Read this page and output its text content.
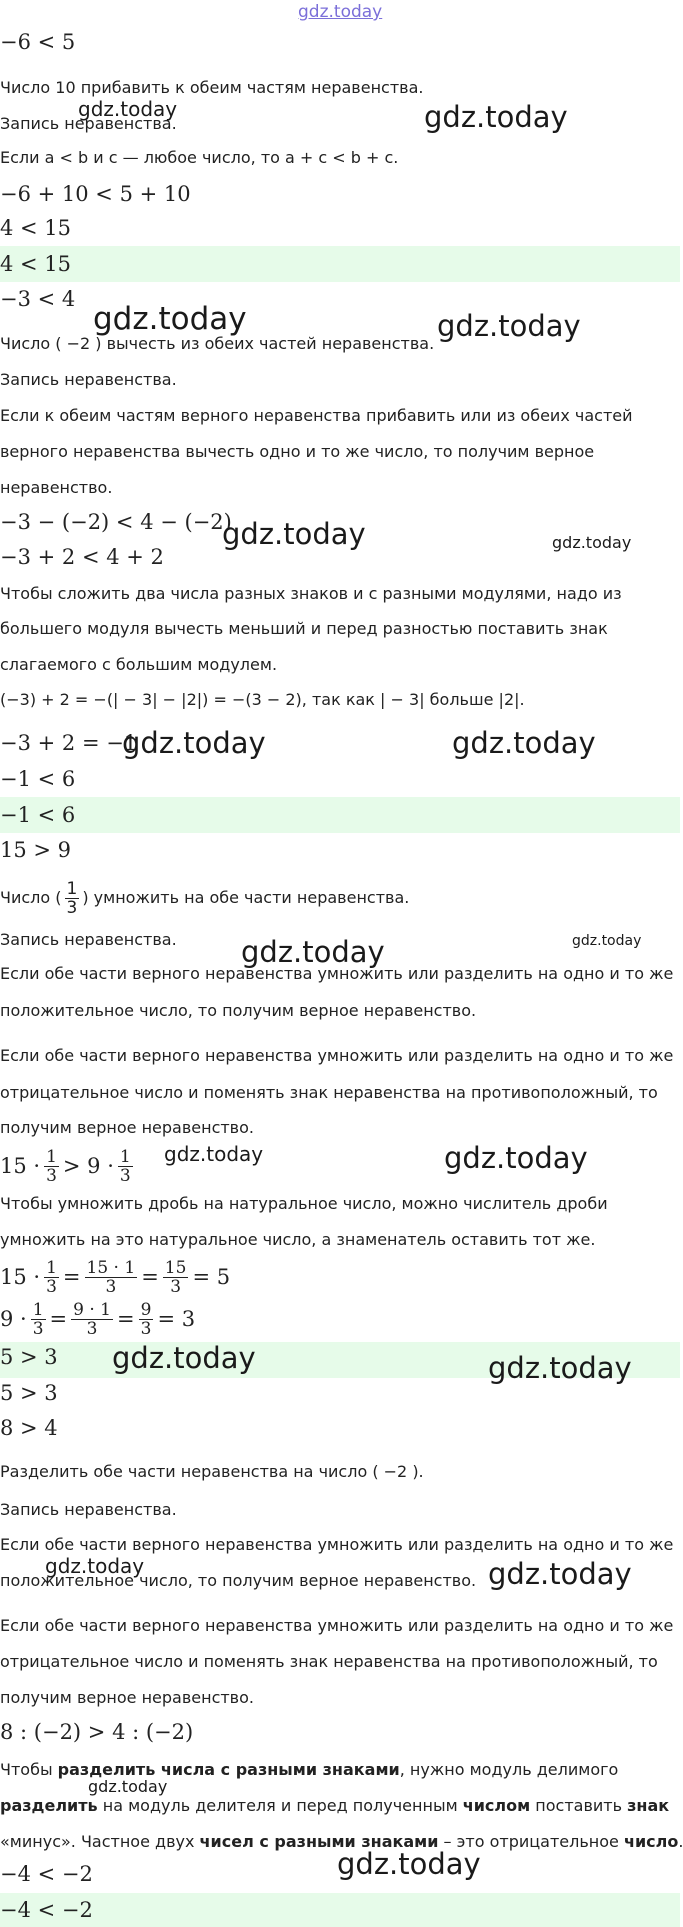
−6 < 5
Число 10 прибавить к обеим частям неравенства.
Запись неравенства.
Если a < b и c — любое число, то a + c < b + c.
−6 + 10 < 5 + 10
4 < 15
4 < 15
−3 < 4
Число ( −2 ) вычесть из обеих частей неравенства.
Запись неравенства.
Если к обеим частям верного неравенства прибавить или из обеих частей
верного неравенства вычесть одно и то же число, то получим верное
неравенство.
−3 − (−2) < 4 − (−2)
−3 + 2 < 4 + 2
Чтобы сложить два числа разных знаков и с разными модулями, надо из
большего модуля вычесть меньший и перед разностью поставить знак
слагаемого с большим модулем.
(−3) + 2 = −(| − 3| − |2|) = −(3 − 2), так как | − 3| больше |2|.
−3 + 2 = −1
−1 < 6
−1 < 6
15 > 9
Число ( $\frac{1}{3}$ ) умножить на обе части неравенства.
Запись неравенства.
Если обе части верного неравенства умножить или разделить на одно и то же
положительное число, то получим верное неравенство.
Если обе части верного неравенства умножить или разделить на одно и то же
отрицательное число и поменять знак неравенства на противоположный, то
получим верное неравенство.
$15 \cdot \frac{1}{3} > 9 \cdot \frac{1}{3}$
Чтобы умножить дробь на натуральное число, можно числитель дроби
умножить на это натуральное число, а знаменатель оставить тот же.
$15 \cdot \frac{1}{3} = \frac{15 \cdot 1}{3} = \frac{15}{3} = 5$
$9 \cdot \frac{1}{3} = \frac{9 \cdot 1}{3} = \frac{9}{3} = 3$
5 > 3
5 > 3
8 > 4
Разделить обе части неравенства на число ( −2 ).
Запись неравенства.
Если обе части верного неравенства умножить или разделить на одно и то же
положительное число, то получим верное неравенство.
Если обе части верного неравенства умножить или разделить на одно и то же
отрицательное число и поменять знак неравенства на противоположный, то
получим верное неравенство.
8 : (−2) > 4 : (−2)
Чтобы разделить числа с разными знаками, нужно модуль делимого
разделить на модуль делителя и перед полученным числом поставить знак
«минус». Частное двух чисел с разными знаками – это отрицательное число.
−4 < −2
−4 < −2
gdz.today
gdz.today
gdz.today
gdz.today	gdz.today
gdz.today	gdz.today
gdz.today	gdz.today
gdz.today	gdz.today
gdz.today	gdz.today
gdz.today	gdz.today
gdz.today	gdz.today
gdz.today
gdz.today
